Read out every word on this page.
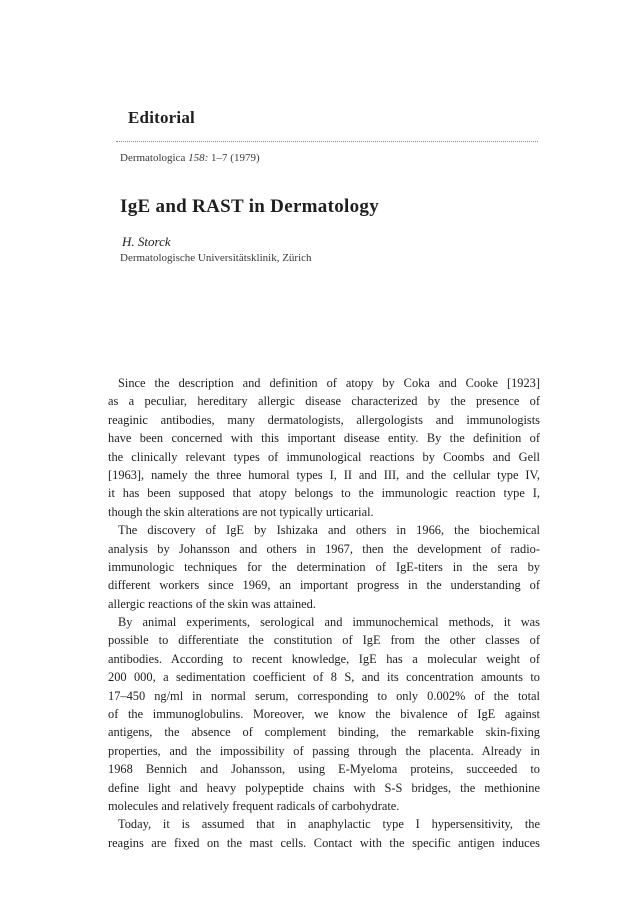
Editorial
Dermatologica 158: 1–7 (1979)
IgE and RAST in Dermatology
H. Storck
Dermatologische Universitätsklinik, Zürich
Since the description and definition of atopy by Coka and Cooke [1923]
as a peculiar, hereditary allergic disease characterized by the presence of
reaginic antibodies, many dermatologists, allergologists and immunologists
have been concerned with this important disease entity. By the definition of
the clinically relevant types of immunological reactions by Coombs and Gell
[1963], namely the three humoral types I, II and III, and the cellular type IV,
it has been supposed that atopy belongs to the immunologic reaction type I,
though the skin alterations are not typically urticarial.
The discovery of IgE by Ishizaka and others in 1966, the biochemical
analysis by Johansson and others in 1967, then the development of radio-
immunologic techniques for the determination of IgE-titers in the sera by
different workers since 1969, an important progress in the understanding of
allergic reactions of the skin was attained.
By animal experiments, serological and immunochemical methods, it was
possible to differentiate the constitution of IgE from the other classes of
antibodies. According to recent knowledge, IgE has a molecular weight of
200 000, a sedimentation coefficient of 8 S, and its concentration amounts to
17–450 ng/ml in normal serum, corresponding to only 0.002% of the total
of the immunoglobulins. Moreover, we know the bivalence of IgE against
antigens, the absence of complement binding, the remarkable skin-fixing
properties, and the impossibility of passing through the placenta. Already in
1968 Bennich and Johansson, using E-Myeloma proteins, succeeded to
define light and heavy polypeptide chains with S-S bridges, the methionine
molecules and relatively frequent radicals of carbohydrate.
Today, it is assumed that in anaphylactic type I hypersensitivity, the
reagins are fixed on the mast cells. Contact with the specific antigen induces
